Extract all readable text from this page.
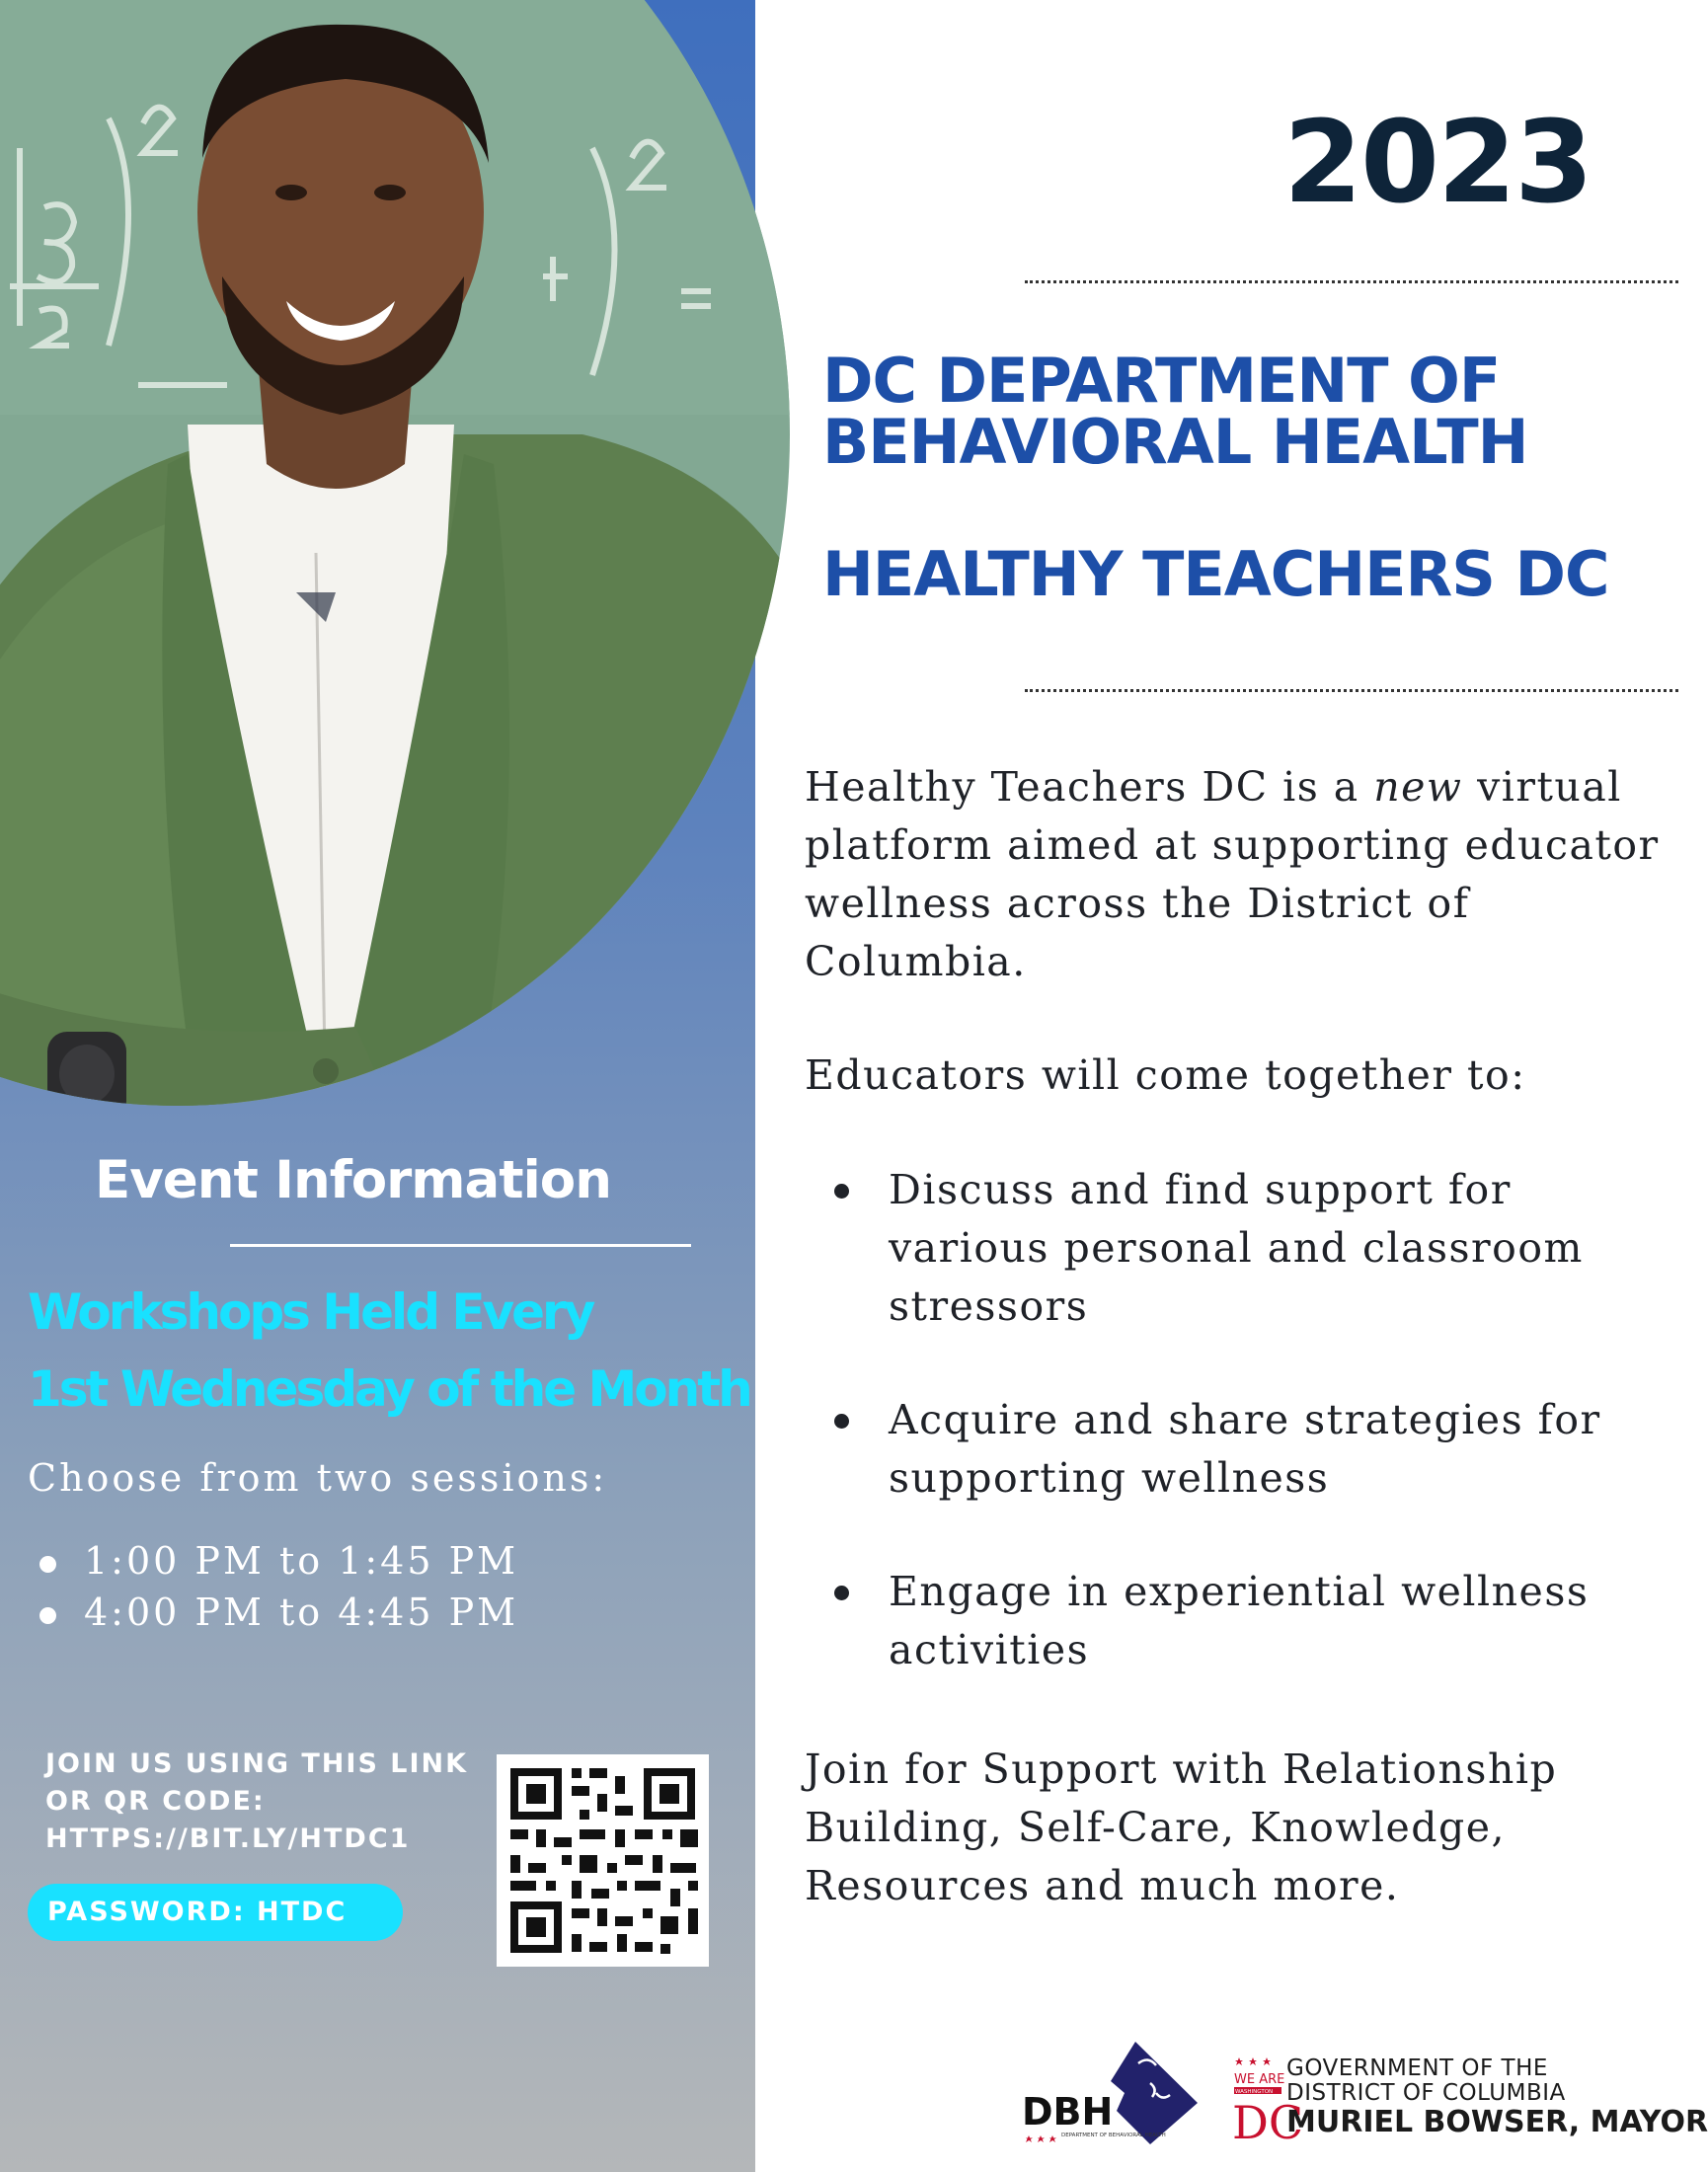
Event Information
Workshops Held Every
1st Wednesday of the Month
Choose from two sessions:
1:00 PM to 1:45 PM
4:00 PM to 4:45 PM
JOIN US USING THIS LINK
OR QR CODE:
HTTPS://BIT.LY/HTDC1
PASSWORD: HTDC
2023
DC DEPARTMENT OF
BEHAVIORAL HEALTH
HEALTHY TEACHERS DC
Healthy Teachers DC is a new virtual platform aimed at supporting educator wellness across the District of Columbia.
Educators will come together to:
Discuss and find support for various personal and classroom stressors
Acquire and share strategies for supporting wellness
Engage in experiential wellness activities
Join for Support with Relationship Building, Self-Care, Knowledge, Resources and much more.
DBH
DEPARTMENT OF BEHAVIORAL HEALTH
WE ARE
WASHINGTON
DC
GOVERNMENT OF THE
DISTRICT OF COLUMBIA
MURIEL BOWSER, MAYOR
